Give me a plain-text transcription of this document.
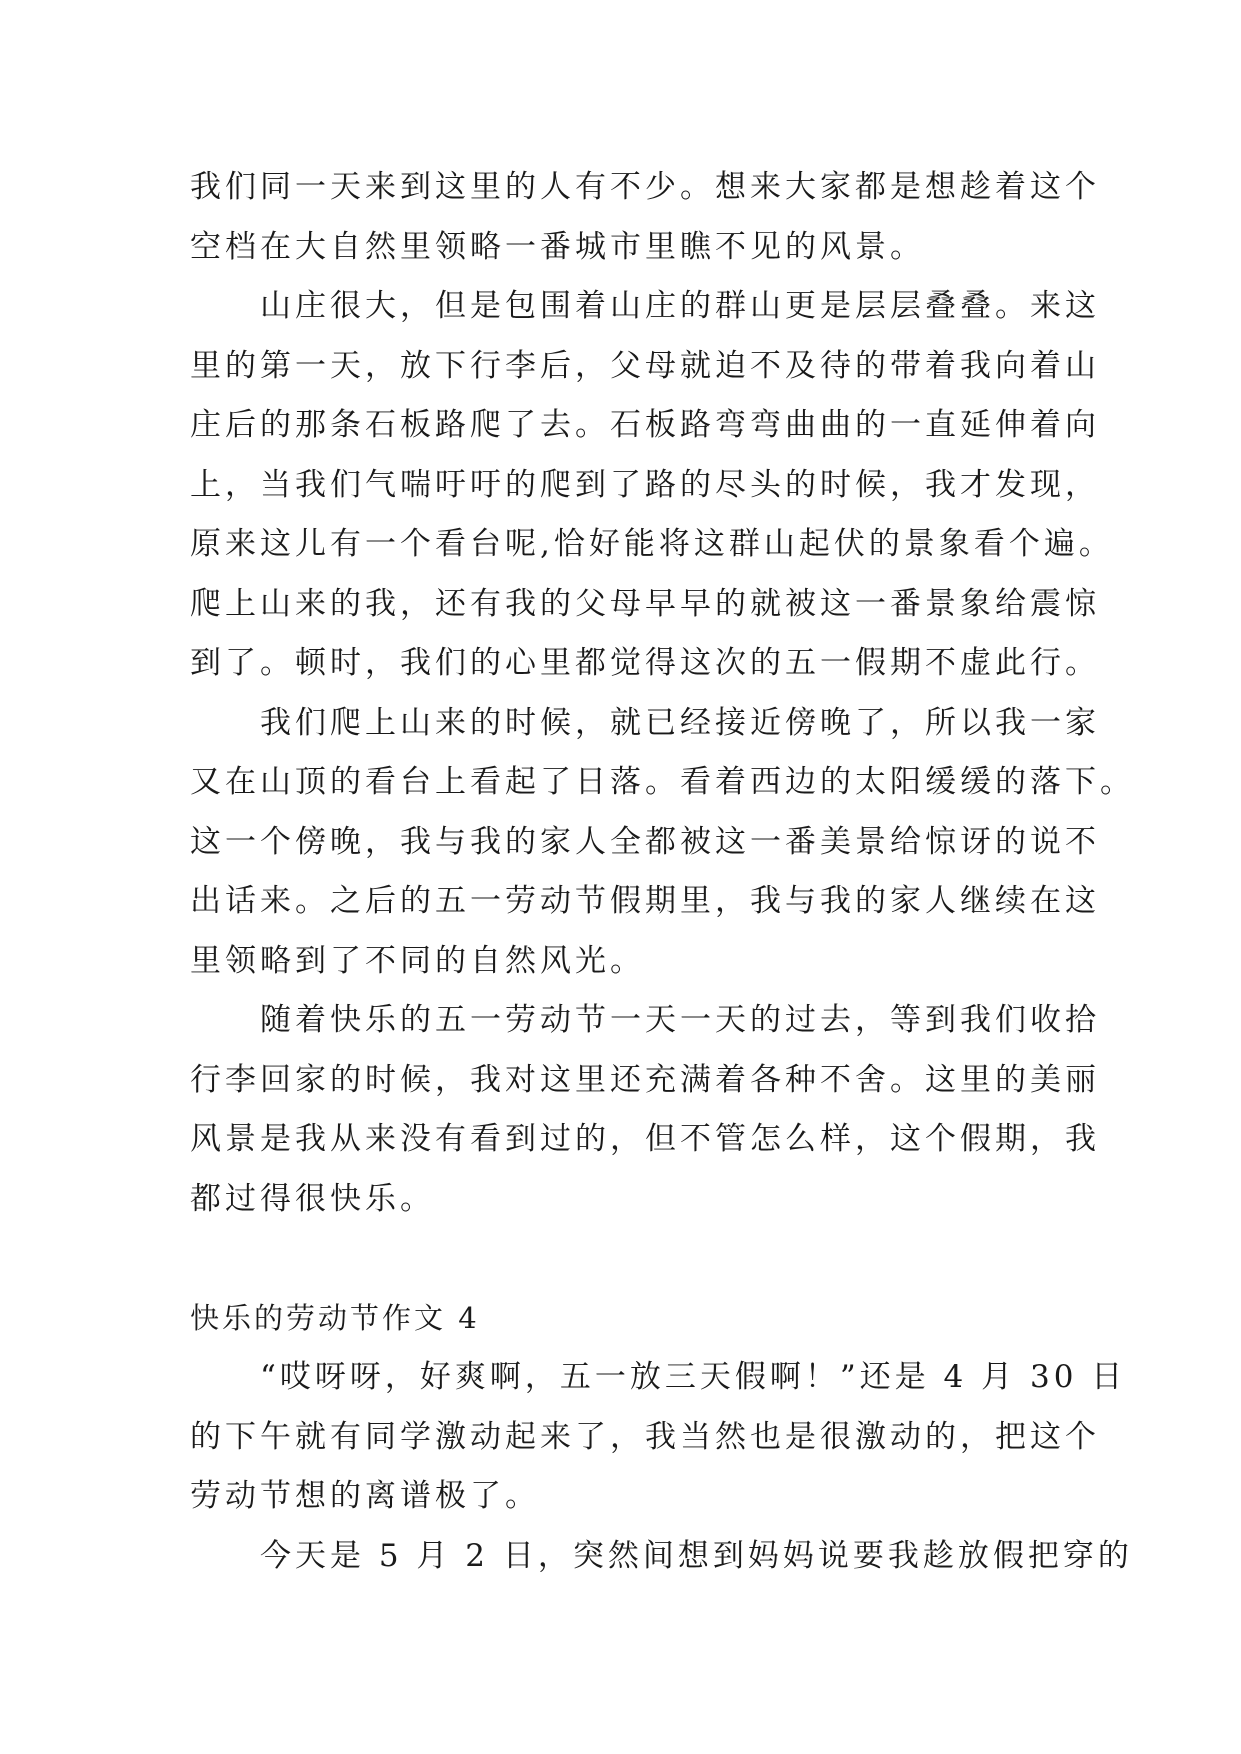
我们同一天来到这里的人有不少。想来大家都是想趁着这个
空档在大自然里领略一番城市里瞧不见的风景。
山庄很大，但是包围着山庄的群山更是层层叠叠。来这
里的第一天，放下行李后，父母就迫不及待的带着我向着山
庄后的那条石板路爬了去。石板路弯弯曲曲的一直延伸着向
上，当我们气喘吁吁的爬到了路的尽头的时候，我才发现，
原来这儿有一个看台呢,恰好能将这群山起伏的景象看个遍。
爬上山来的我，还有我的父母早早的就被这一番景象给震惊
到了。顿时，我们的心里都觉得这次的五一假期不虚此行。
我们爬上山来的时候，就已经接近傍晚了，所以我一家
又在山顶的看台上看起了日落。看着西边的太阳缓缓的落下。
这一个傍晚，我与我的家人全都被这一番美景给惊讶的说不
出话来。之后的五一劳动节假期里，我与我的家人继续在这
里领略到了不同的自然风光。
随着快乐的五一劳动节一天一天的过去，等到我们收拾
行李回家的时候，我对这里还充满着各种不舍。这里的美丽
风景是我从来没有看到过的，但不管怎么样，这个假期，我
都过得很快乐。
快乐的劳动节作文 4
“哎呀呀，好爽啊，五一放三天假啊！”还是 4 月 30 日
的下午就有同学激动起来了，我当然也是很激动的，把这个
劳动节想的离谱极了。
今天是 5 月 2 日，突然间想到妈妈说要我趁放假把穿的
